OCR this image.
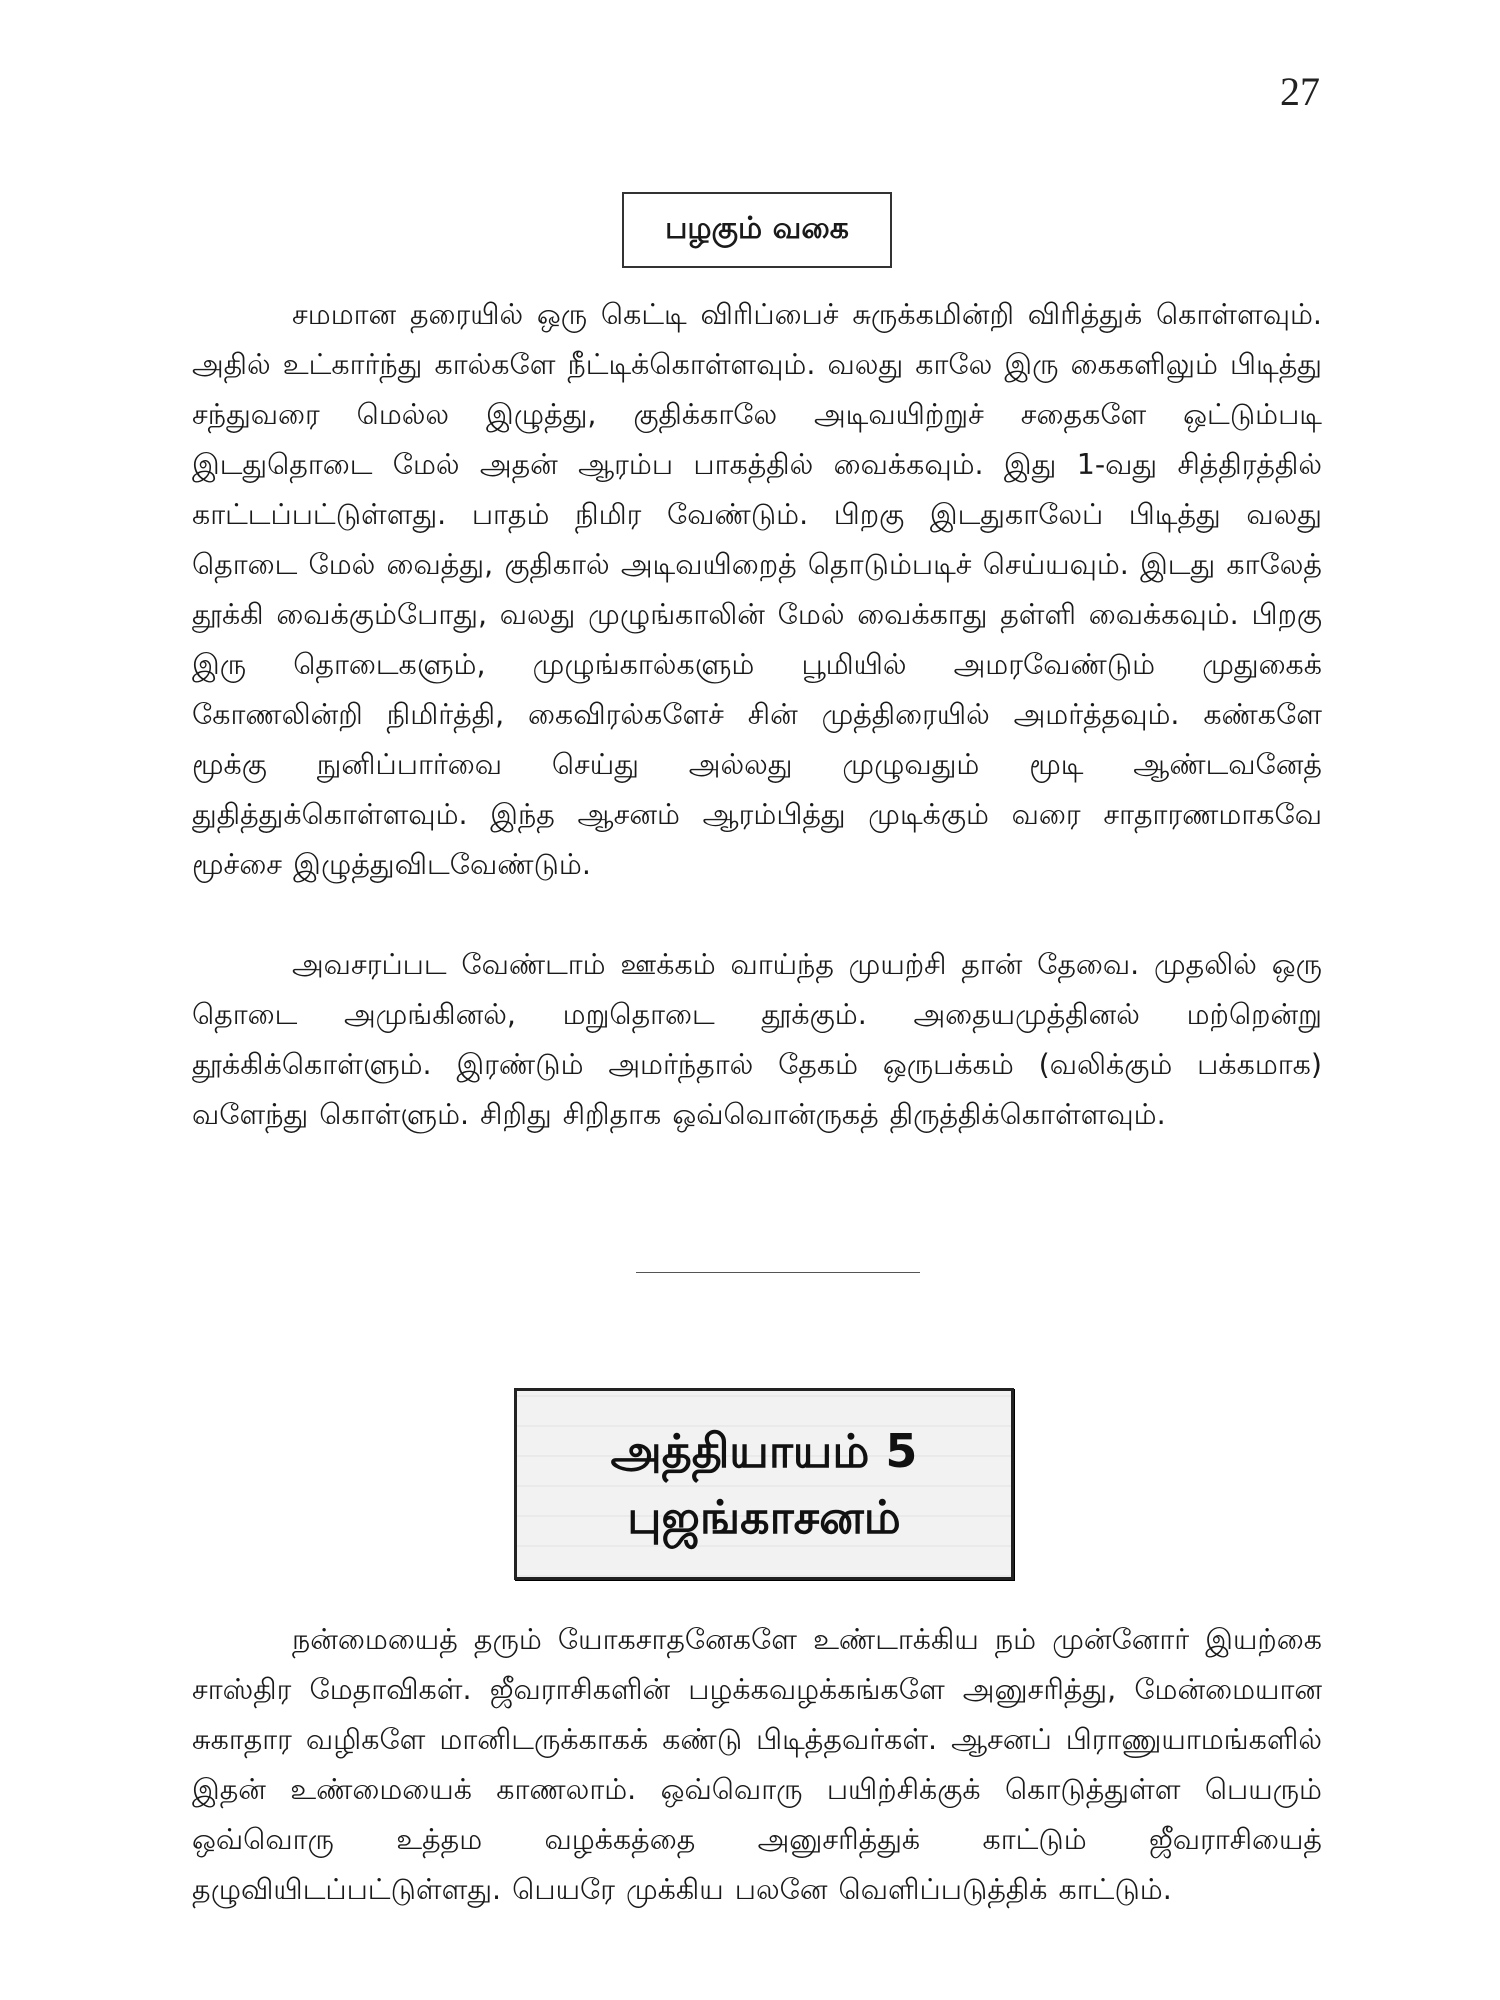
27
பழகும் வகை

சமமான தரையில் ஒரு கெட்டி விரிப்பைச் சுருக்கமின்றி விரித்துக் கொள்ளவும். அதில் உட்கார்ந்து கால்களே நீட்டிக்கொள்ளவும். வலது காலே இரு கைகளிலும் பிடித்து சந்துவரை மெல்ல இழுத்து, குதிக்காலே அடிவயிற்றுச் சதைகளே ஒட்டும்படி இடதுதொடை மேல் அதன் ஆரம்ப பாகத்தில் வைக்கவும். இது 1-வது சித்திரத்தில் காட்டப்பட்டுள்ளது. பாதம் நிமிர வேண்டும். பிறகு இடதுகாலேப் பிடித்து வலது தொடை மேல் வைத்து, குதிகால் அடிவயிறைத் தொடும்படிச் செய்யவும். இடது காலேத் தூக்கி வைக்கும்போது, வலது முழுங்காலின் மேல் வைக்காது தள்ளி வைக்கவும். பிறகு இரு தொடைகளும், முழுங்கால்களும் பூமியில் அமரவேண்டும் முதுகைக் கோணலின்றி நிமிர்த்தி, கைவிரல்களேச் சின் முத்திரையில் அமர்த்தவும். கண்களே மூக்கு நுனிப்பார்வை செய்து அல்லது முழுவதும் மூடி ஆண்டவனேத் துதித்துக்கொள்ளவும். இந்த ஆசனம் ஆரம்பித்து முடிக்கும் வரை சாதாரணமாகவே மூச்சை இழுத்துவிடவேண்டும்.

அவசரப்பட வேண்டாம் ஊக்கம் வாய்ந்த முயற்சி தான் தேவை. முதலில் ஒரு தொடை அமுங்கினல், மறுதொடை தூக்கும். அதையமுத்தினல் மற்றென்று தூக்கிக்கொள்ளும். இரண்டும் அமர்ந்தால் தேகம் ஒருபக்கம் (வலிக்கும் பக்கமாக) வளேந்து கொள்ளும். சிறிது சிறிதாக ஒவ்வொன்ருகத் திருத்திக்கொள்ளவும்.

அத்தியாயம் 5
புஜங்காசனம்

நன்மையைத் தரும் யோகசாதனேகளே உண்டாக்கிய நம் முன்னோர் இயற்கை சாஸ்திர மேதாவிகள். ஜீவராசிகளின் பழக்கவழக்கங்களே அனுசரித்து, மேன்மையான சுகாதார வழிகளே மானிடருக்காகக் கண்டு பிடித்தவர்கள். ஆசனப் பிராணுயாமங்களில் இதன் உண்மையைக் காணலாம். ஒவ்வொரு பயிற்சிக்குக் கொடுத்துள்ள பெயரும் ஒவ்வொரு உத்தம வழக்கத்தை அனுசரித்துக் காட்டும் ஜீவராசியைத் தழுவியிடப்பட்டுள்ளது. பெயரே முக்கிய பலனே வெளிப்படுத்திக் காட்டும்.
